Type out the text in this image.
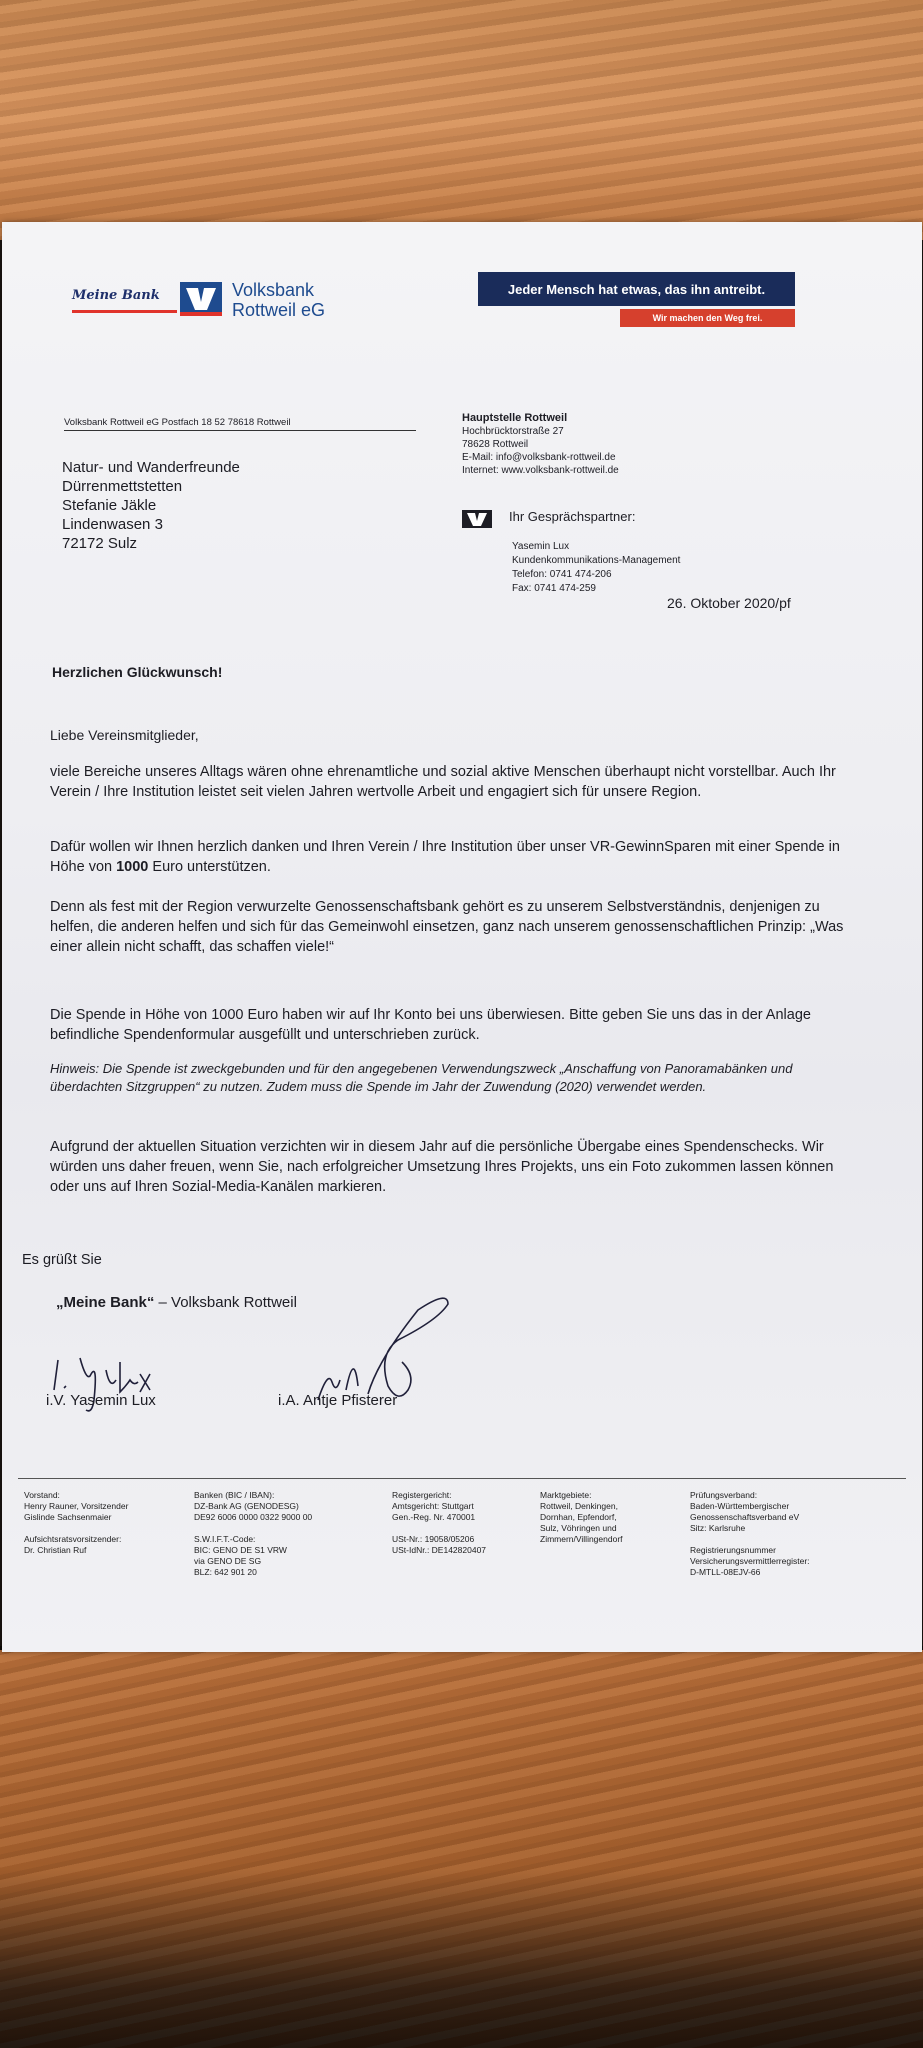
Meine Bank	Volksbank
Rottweil eG
Jeder Mensch hat etwas, das ihn antreibt.
Wir machen den Weg frei.
Volksbank Rottweil eG Postfach 18 52 78618 Rottweil
Natur- und Wanderfreunde
Dürrenmettstetten
Stefanie Jäkle
Lindenwasen 3
72172 Sulz
Hauptstelle Rottweil
Hochbrücktorstraße 27
78628 Rottweil
E-Mail: info@volksbank-rottweil.de
Internet: www.volksbank-rottweil.de
Ihr Gesprächspartner:
Yasemin Lux
Kundenkommunikations-Management
Telefon: 0741 474-206
Fax: 0741 474-259
26. Oktober 2020/pf
Herzlichen Glückwunsch!
Liebe Vereinsmitglieder,
viele Bereiche unseres Alltags wären ohne ehrenamtliche und sozial aktive Menschen überhaupt nicht vorstellbar. Auch Ihr Verein / Ihre Institution leistet seit vielen Jahren wertvolle Arbeit und engagiert sich für unsere Region.
Dafür wollen wir Ihnen herzlich danken und Ihren Verein / Ihre Institution über unser VR-GewinnSparen mit einer Spende in Höhe von 1000 Euro unterstützen.
Denn als fest mit der Region verwurzelte Genossenschaftsbank gehört es zu unserem Selbstverständnis, denjenigen zu helfen, die anderen helfen und sich für das Gemeinwohl einsetzen, ganz nach unserem genossenschaftlichen Prinzip: „Was einer allein nicht schafft, das schaffen viele!“
Die Spende in Höhe von 1000 Euro haben wir auf Ihr Konto bei uns überwiesen. Bitte geben Sie uns das in der Anlage befindliche Spendenformular ausgefüllt und unterschrieben zurück.
Hinweis: Die Spende ist zweckgebunden und für den angegebenen Verwendungszweck „Anschaffung von Panoramabänken und überdachten Sitzgruppen“ zu nutzen. Zudem muss die Spende im Jahr der Zuwendung (2020) verwendet werden.
Aufgrund der aktuellen Situation verzichten wir in diesem Jahr auf die persönliche Übergabe eines Spendenschecks. Wir würden uns daher freuen, wenn Sie, nach erfolgreicher Umsetzung Ihres Projekts, uns ein Foto zukommen lassen können oder uns auf Ihren Sozial-Media-Kanälen markieren.
Es grüßt Sie
„Meine Bank“ – Volksbank Rottweil
i.V. Yasemin Lux	i.A. Antje Pfisterer
Vorstand:
Henry Rauner, Vorsitzender
Gislinde Sachsenmaier

Aufsichtsratsvorsitzender:
Dr. Christian Ruf
Banken (BIC / IBAN):
DZ-Bank AG (GENODESG)
DE92 6006 0000 0322 9000 00

S.W.I.F.T.-Code:
BIC: GENO DE S1 VRW
via GENO DE SG
BLZ: 642 901 20
Registergericht:
Amtsgericht: Stuttgart
Gen.-Reg. Nr. 470001

USt-Nr.: 19058/05206
USt-IdNr.: DE142820407
Marktgebiete:
Rottweil, Denkingen,
Dornhan, Epfendorf,
Sulz, Vöhringen und
Zimmern/Villingendorf
Prüfungsverband:
Baden-Württembergischer
Genossenschaftsverband eV
Sitz: Karlsruhe

Registrierungsnummer
Versicherungsvermittlerregister:
D-MTLL-08EJV-66
